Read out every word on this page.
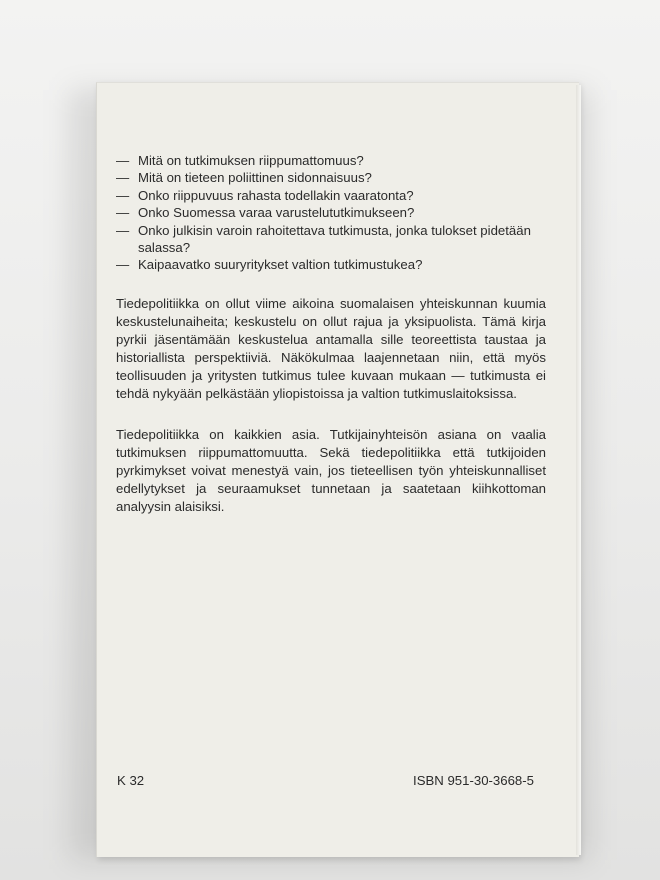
— Mitä on tutkimuksen riippumattomuus?
— Mitä on tieteen poliittinen sidonnaisuus?
— Onko riippuvuus rahasta todellakin vaaratonta?
— Onko Suomessa varaa varustelututkimukseen?
— Onko julkisin varoin rahoitettava tutkimusta, jonka tulokset pidetään salassa?
— Kaipaavatko suuryritykset valtion tutkimustukea?

Tiedepolitiikka on ollut viime aikoina suomalaisen yhteiskunnan kuumia keskustelunaiheita; keskustelu on ollut rajua ja yksipuolista. Tämä kirja pyrkii jäsentämään keskustelua antamalla sille teoreettista taustaa ja historiallista perspektiiviä. Näkökulmaa laajennetaan niin, että myös teollisuuden ja yritysten tutkimus tulee kuvaan mukaan — tutkimusta ei tehdä nykyään pelkästään yliopistoissa ja valtion tutkimuslaitoksissa.

Tiedepolitiikka on kaikkien asia. Tutkijainyhteisön asiana on vaalia tutkimuksen riippumattomuutta. Sekä tiedepolitiikka että tutkijoiden pyrkimykset voivat menestyä vain, jos tieteellisen työn yhteiskunnalliset edellytykset ja seuraamukset tunnetaan ja saatetaan kiihkottoman analyysin alaisiksi.

K 32	ISBN 951-30-3668-5
